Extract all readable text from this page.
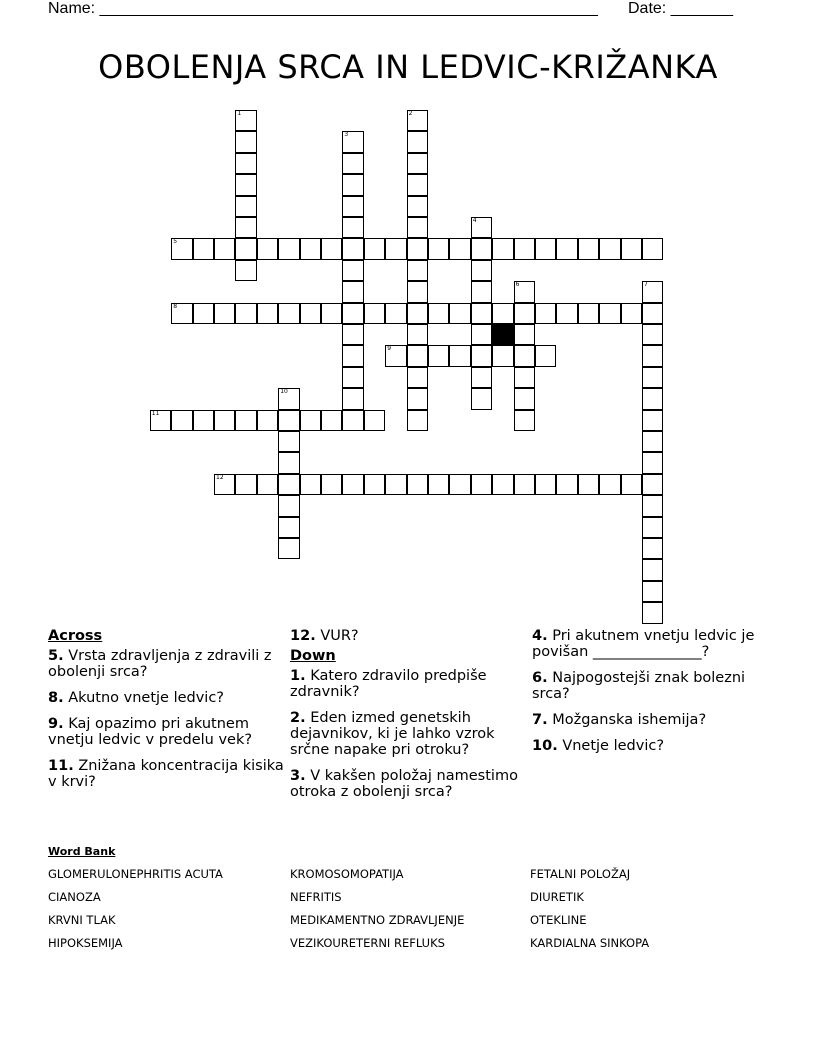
Name: ________________________________________________________ Date: _______
OBOLENJA SRCA IN LEDVIC-KRIŽANKA
5
8
9
11
12
1	2
3
4
6	7
10
Across
5. Vrsta zdravljenja z zdravili z obolenji srca?
8. Akutno vnetje ledvic?
9. Kaj opazimo pri akutnem vnetju ledvic v predelu vek?
11. Znižana koncentracija kisika v krvi?
12. VUR?
Down
1. Katero zdravilo predpiše zdravnik?
2. Eden izmed genetskih dejavnikov, ki je lahko vzrok srčne napake pri otroku?
3. V kakšen položaj namestimo otroka z obolenji srca?
4. Pri akutnem vnetju ledvic je povišan _______________?
6. Najpogostejši znak bolezni srca?
7. Možganska ishemija?
10. Vnetje ledvic?
Word Bank
GLOMERULONEPHRITIS ACUTA	KROMOSOMOPATIJA	FETALNI POLOŽAJ
CIANOZA	NEFRITIS	DIURETIK
KRVNI TLAK	MEDIKAMENTNO ZDRAVLJENJE	OTEKLINE
HIPOKSEMIJA	VEZIKOURETERNI REFLUKS	KARDIALNA SINKOPA
